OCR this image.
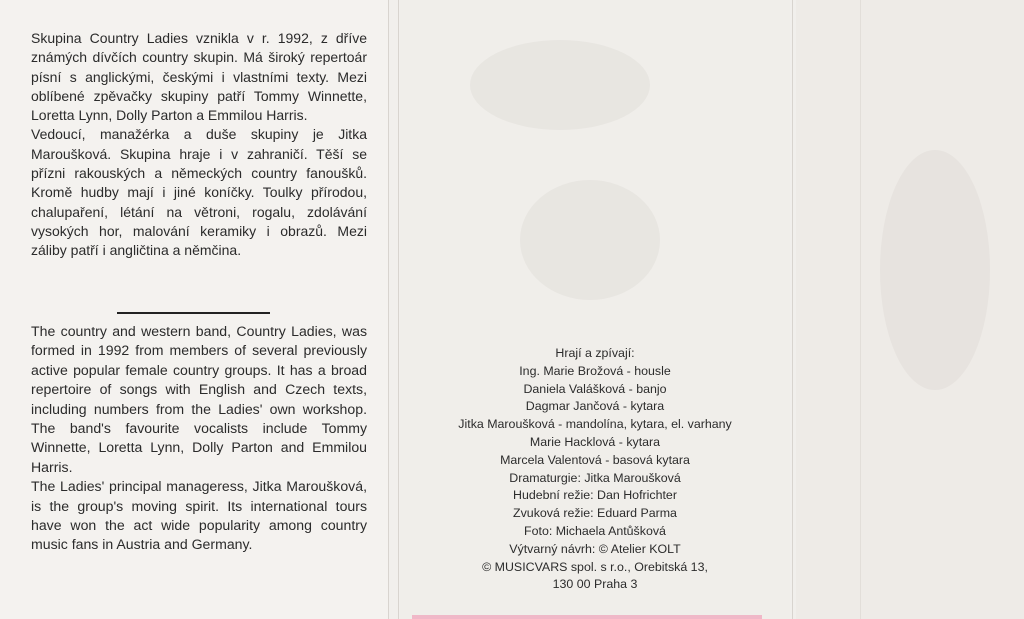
Skupina Country Ladies vznikla v r. 1992, z dříve známých dívčích country skupin. Má široký repertoár písní s anglickými, českými i vlastními texty. Mezi oblíbené zpěvačky skupiny patří Tommy Winnette, Loretta Lynn, Dolly Parton a Emmilou Harris.

Vedoucí, manažérka a duše skupiny je Jitka Maroušková. Skupina hraje i v zahraničí. Těší se přízni rakouských a německých country fanoušků. Kromě hudby mají i jiné koníčky. Toulky přírodou, chalupaření, létání na větroni, rogalu, zdolávání vysokých hor, malování keramiky i obrazů. Mezi záliby patří i angličtina a němčina.

The country and western band, Country Ladies, was formed in 1992 from members of several previously active popular female country groups. It has a broad repertoire of songs with English and Czech texts, including numbers from the Ladies' own workshop. The band's favourite vocalists include Tommy Winnette, Loretta Lynn, Dolly Parton and Emmilou Harris.

The Ladies' principal manageress, Jitka Maroušková, is the group's moving spirit. Its international tours have won the act wide popularity among country music fans in Austria and Germany.

Hrají a zpívají:
Ing. Marie Brožová - housle
Daniela Valášková - banjo
Dagmar Jančová - kytara
Jitka Maroušková - mandolína, kytara, el. varhany
Marie Hacklová - kytara
Marcela Valentová - basová kytara
Dramaturgie: Jitka Maroušková
Hudební režie: Dan Hofrichter
Zvuková režie: Eduard Parma
Foto: Michaela Antůšková
Výtvarný návrh: © Atelier KOLT
© MUSICVARS spol. s r.o., Orebitská 13,
130 00 Praha 3
